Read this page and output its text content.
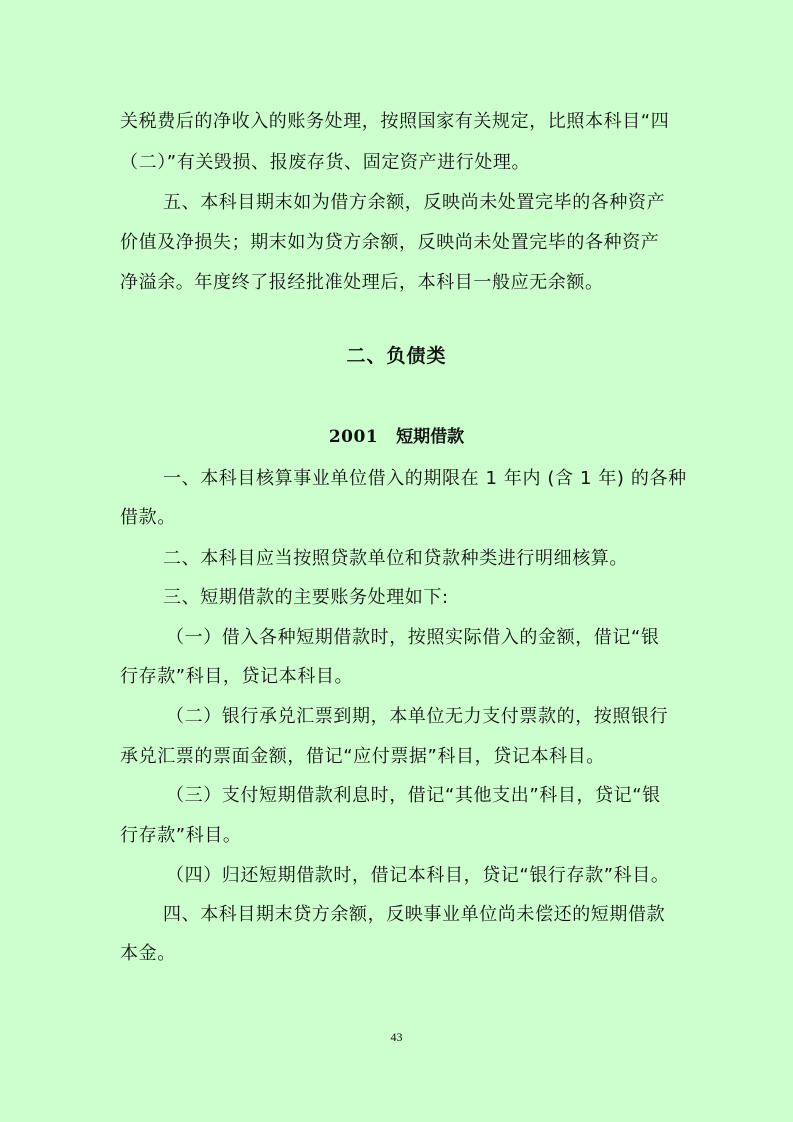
关税费后的净收入的账务处理，按照国家有关规定，比照本科目“四
（二）”有关毁损、报废存货、固定资产进行处理。
五、本科目期末如为借方余额，反映尚未处置完毕的各种资产
价值及净损失；期末如为贷方余额，反映尚未处置完毕的各种资产
净溢余。年度终了报经批准处理后，本科目一般应无余额。
二、负债类
2001 短期借款
一、本科目核算事业单位借入的期限在 1 年内 (含 1 年) 的各种
借款。
二、本科目应当按照贷款单位和贷款种类进行明细核算。
三、短期借款的主要账务处理如下:
（一）借入各种短期借款时，按照实际借入的金额，借记“银
行存款”科目，贷记本科目。
（二）银行承兑汇票到期，本单位无力支付票款的，按照银行
承兑汇票的票面金额，借记“应付票据”科目，贷记本科目。
（三）支付短期借款利息时，借记“其他支出”科目，贷记“银
行存款”科目。
（四）归还短期借款时，借记本科目，贷记“银行存款”科目。
四、本科目期末贷方余额，反映事业单位尚未偿还的短期借款
本金。
43
